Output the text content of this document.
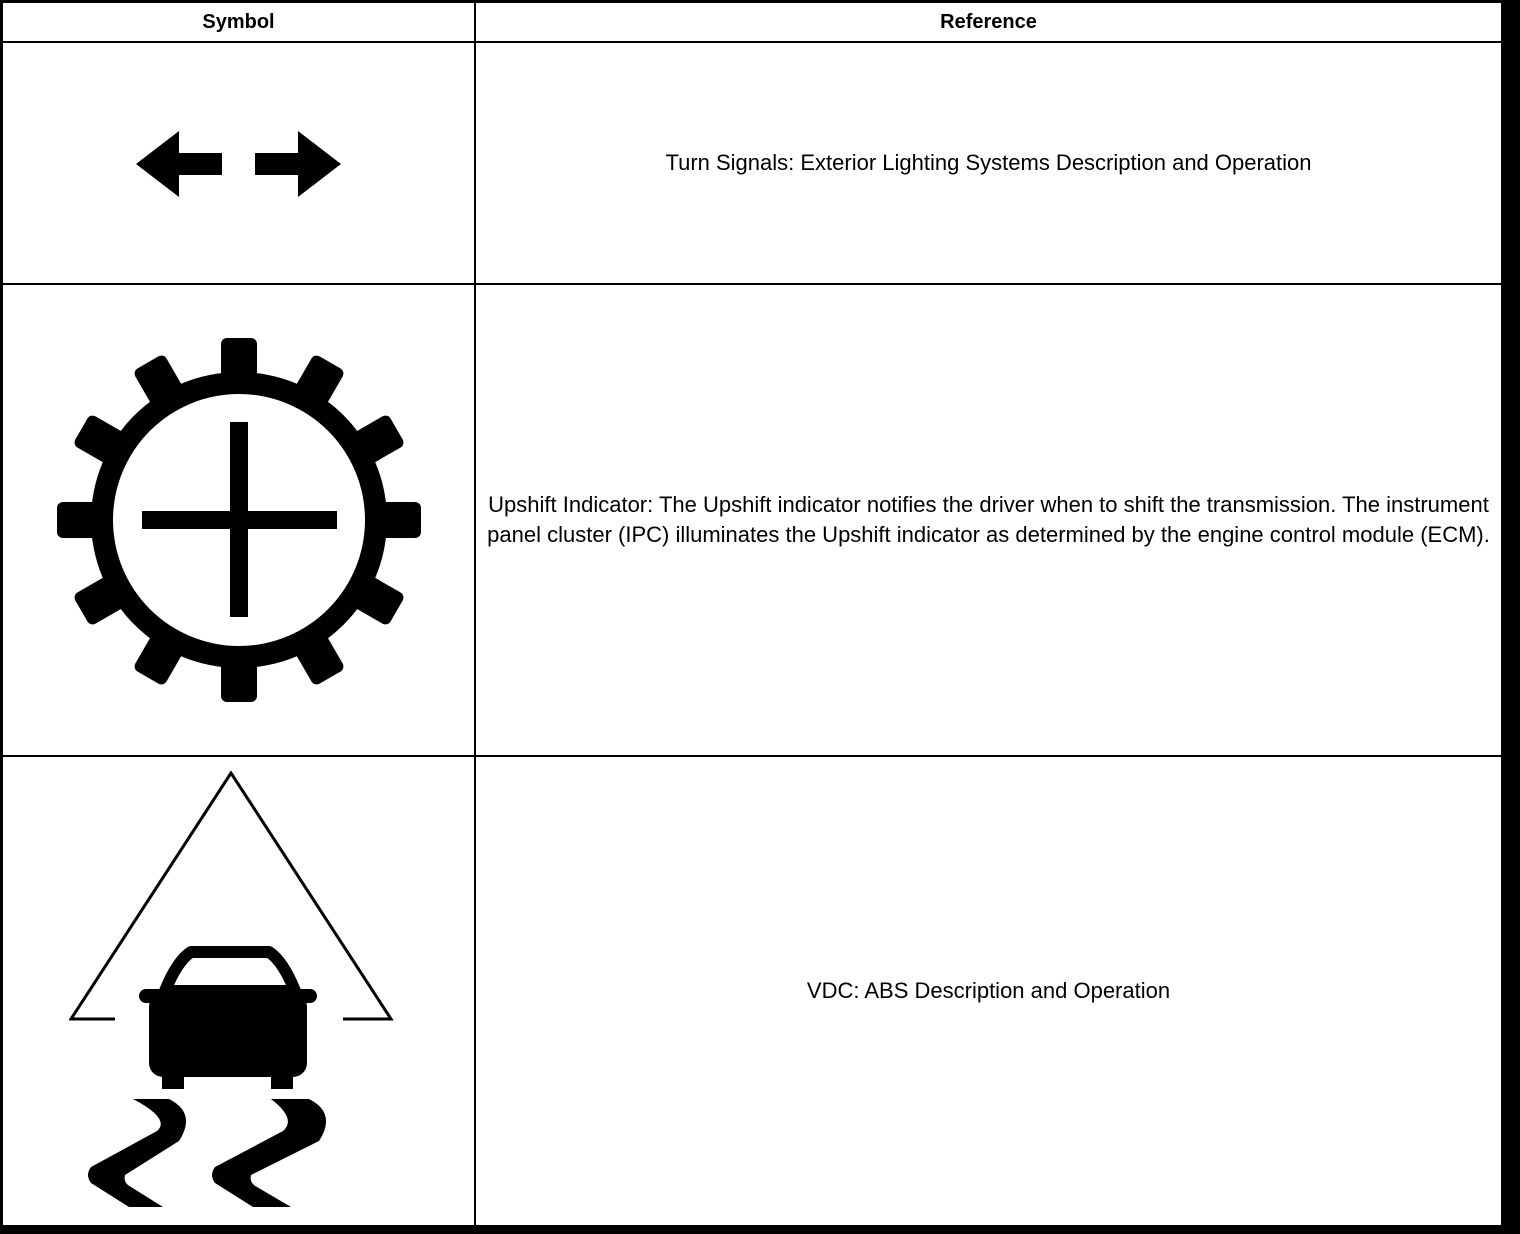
Symbol	Reference

	Turn Signals: Exterior Lighting Systems Description and Operation

	Upshift Indicator: The Upshift indicator notifies the driver when to shift the transmission. The instrument panel cluster (IPC) illuminates the Upshift indicator as determined by the engine control module (ECM).

	VDC: ABS Description and Operation
